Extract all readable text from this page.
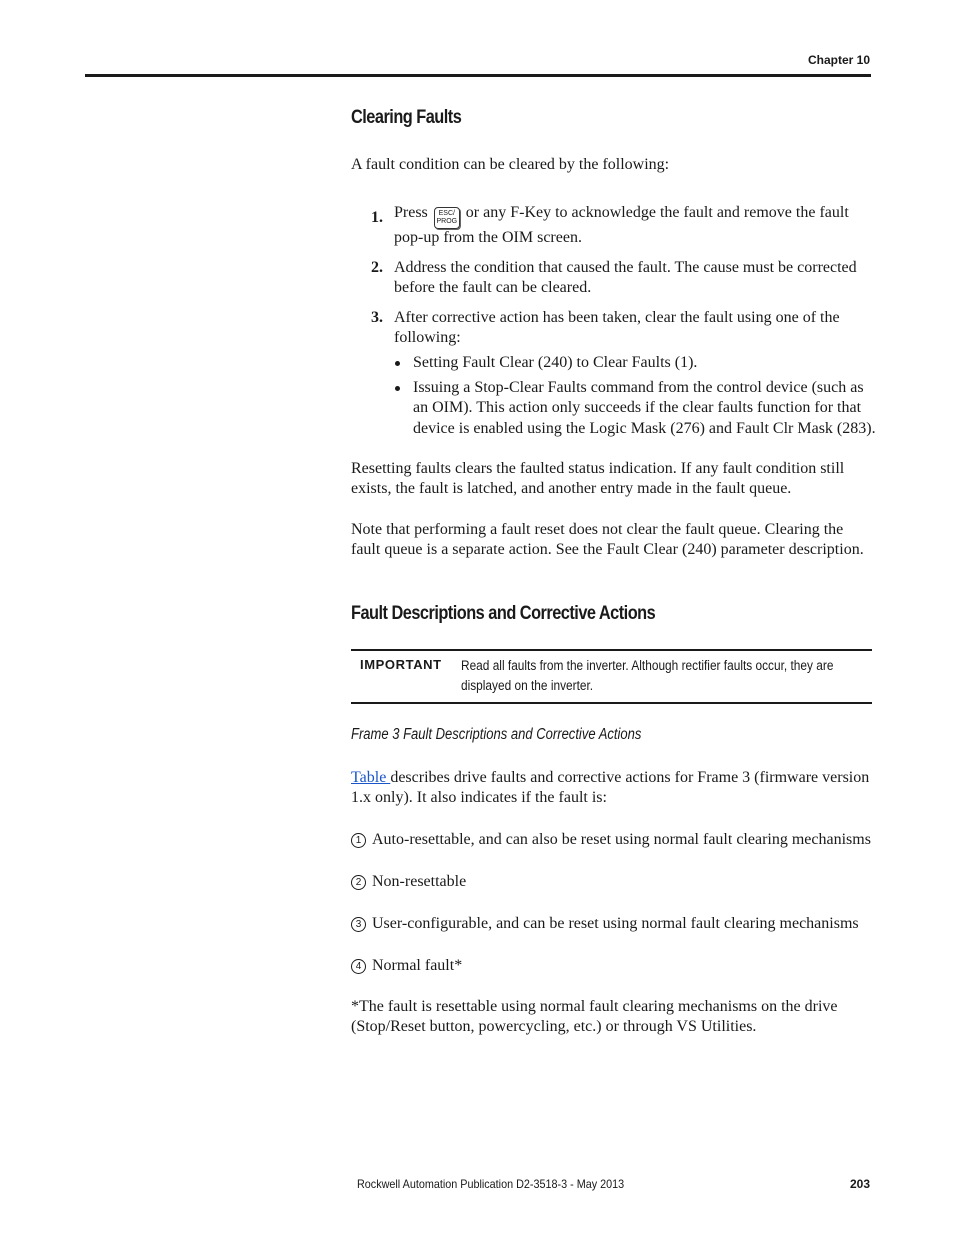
Chapter 10
Clearing Faults
A fault condition can be cleared by the following:
1. Press ESC/
PROG or any F-Key to acknowledge the fault and remove the fault
pop-up from the OIM screen.
2. Address the condition that caused the fault. The cause must be corrected
before the fault can be cleared.
3. After corrective action has been taken, clear the fault using one of the
following:
Setting Fault Clear (240) to Clear Faults (1).
Issuing a Stop-Clear Faults command from the control device (such as
an OIM). This action only succeeds if the clear faults function for that
device is enabled using the Logic Mask (276) and Fault Clr Mask (283).
Resetting faults clears the faulted status indication. If any fault condition still
exists, the fault is latched, and another entry made in the fault queue.
Note that performing a fault reset does not clear the fault queue. Clearing the
fault queue is a separate action. See the Fault Clear (240) parameter description.
Fault Descriptions and Corrective Actions
IMPORTANT Read all faults from the inverter. Although rectifier faults occur, they are
displayed on the inverter.
Frame 3 Fault Descriptions and Corrective Actions
Table describes drive faults and corrective actions for Frame 3 (firmware version
1.x only). It also indicates if the fault is:
1 Auto-resettable, and can also be reset using normal fault clearing mechanisms
2 Non-resettable
3 User-configurable, and can be reset using normal fault clearing mechanisms
4 Normal fault*
*The fault is resettable using normal fault clearing mechanisms on the drive
(Stop/Reset button, powercycling, etc.) or through VS Utilities.
Rockwell Automation Publication D2-3518-3 - May 2013	203
